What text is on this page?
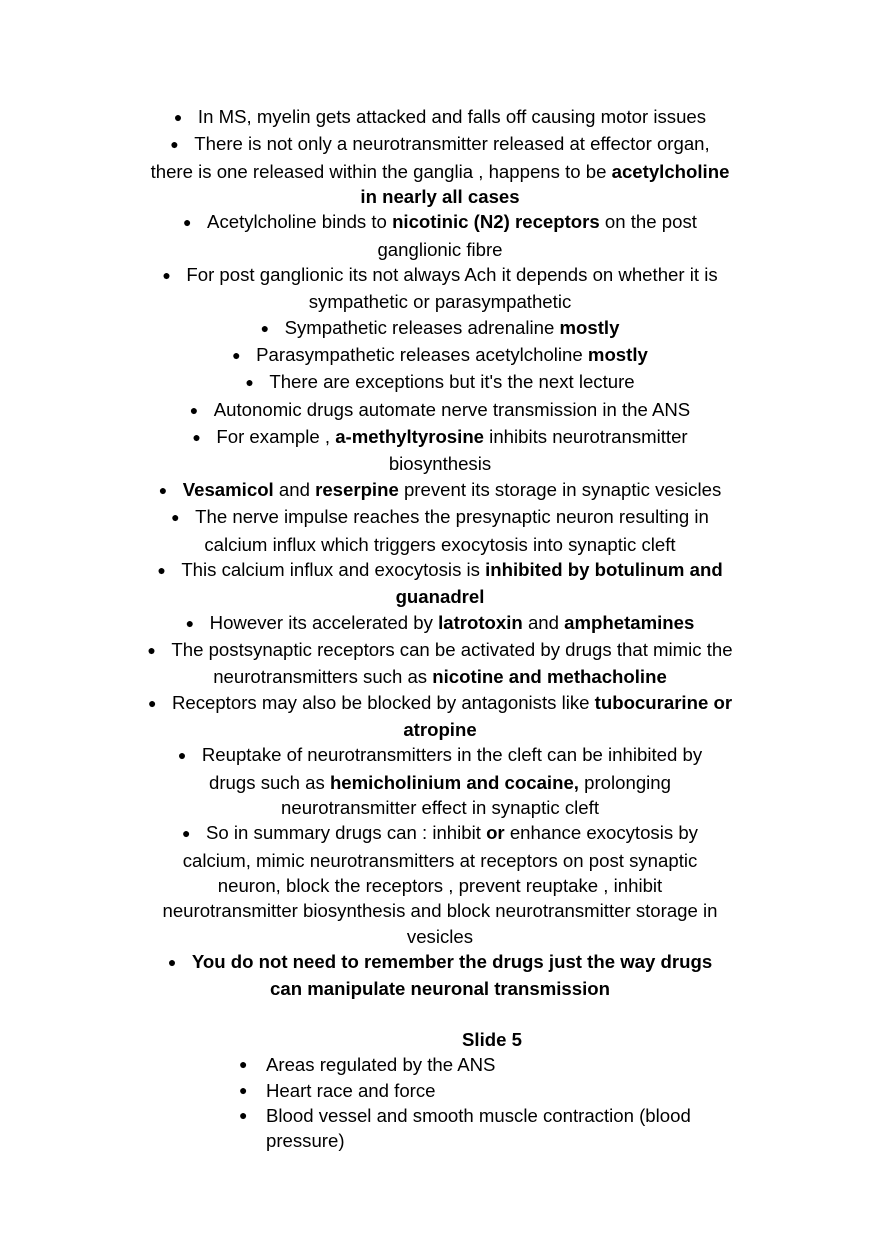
● In MS, myelin gets attacked and falls off causing motor issues
● There is not only a neurotransmitter released at effector organ, there is one released within the ganglia , happens to be acetylcholine in nearly all cases
● Acetylcholine binds to nicotinic (N2) receptors on the post ganglionic fibre
● For post ganglionic its not always Ach it depends on whether it is sympathetic or parasympathetic
● Sympathetic releases adrenaline mostly
● Parasympathetic releases acetylcholine mostly
● There are exceptions but it's the next lecture
● Autonomic drugs automate nerve transmission in the ANS
● For example , a-methyltyrosine inhibits neurotransmitter biosynthesis
● Vesamicol and reserpine prevent its storage in synaptic vesicles
● The nerve impulse reaches the presynaptic neuron resulting in calcium influx which triggers exocytosis into synaptic cleft
● This calcium influx and exocytosis is inhibited by botulinum and guanadrel
● However its accelerated by latrotoxin and amphetamines
● The postsynaptic receptors can be activated by drugs that mimic the neurotransmitters such as nicotine and methacholine
● Receptors may also be blocked by antagonists like tubocurarine or atropine
● Reuptake of neurotransmitters in the cleft can be inhibited by drugs such as hemicholinium and cocaine, prolonging neurotransmitter effect in synaptic cleft
● So in summary drugs can : inhibit or enhance exocytosis by calcium, mimic neurotransmitters at receptors on post synaptic neuron, block the receptors , prevent reuptake , inhibit neurotransmitter biosynthesis and block neurotransmitter storage in vesicles
● You do not need to remember the drugs just the way drugs can manipulate neuronal transmission
Slide 5
● Areas regulated by the ANS
● Heart race and force
● Blood vessel and smooth muscle contraction (blood pressure)
